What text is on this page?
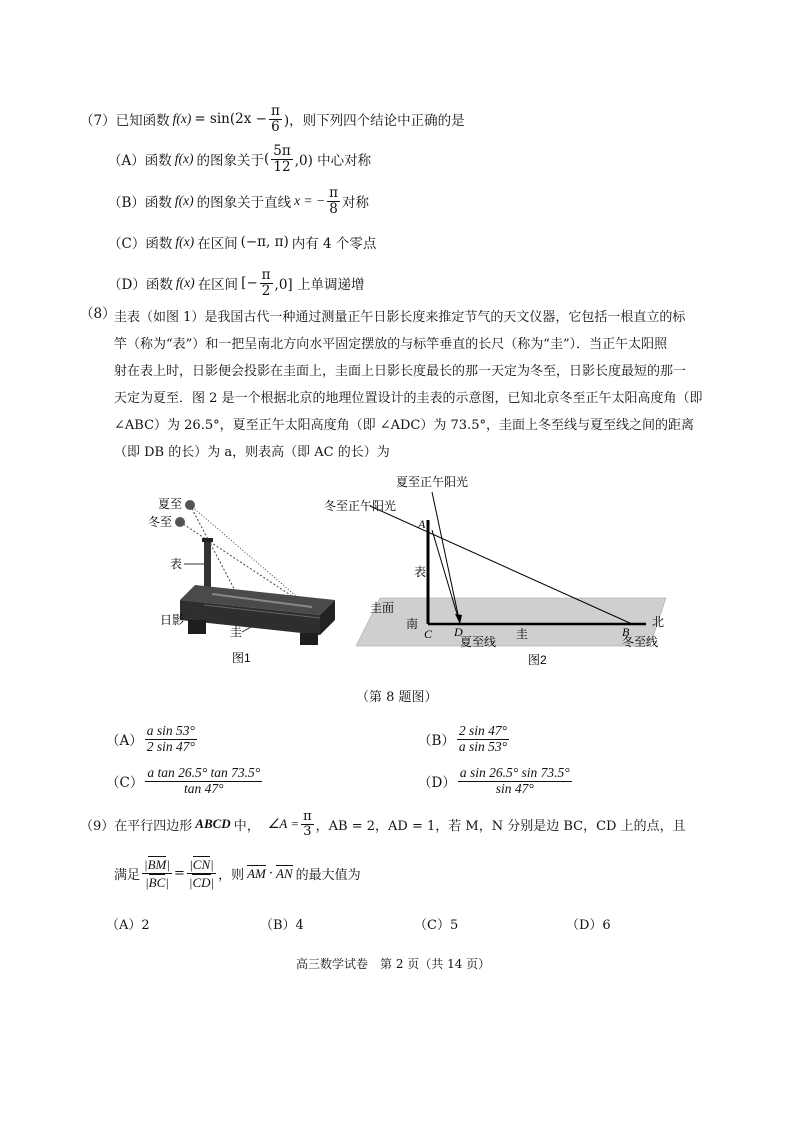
（7） 已知函数 $f(x) = \sin(2x - \frac{\pi}{6}$ )，则下列四个结论中正确的是
（A） 函数 f(x) 的图象关于 ( $\frac{5\pi}{12} ,0$) 中心对称
（B） 函数 f(x) 的图象关于直线 x = − $\frac{\pi}{8}$ 对称
（C） 函数 f(x) 在区间 (−π, π) 内有 4 个零点
（D） 函数 f(x) 在区间 [− $\frac{\pi}{2} ,0$] 上单调递增
（8）
圭表（如图 1）是我国古代一种通过测量正午日影长度来推定节气的天文仪器，它包括一根直立的标
竿（称为“表”）和一把呈南北方向水平固定摆放的与标竿垂直的长尺（称为“圭”）．当正午太阳照
射在表上时，日影便会投影在圭面上，圭面上日影长度最长的那一天定为冬至，日影长度最短的那一
天定为夏至．图 2 是一个根据北京的地理位置设计的圭表的示意图，已知北京冬至正午太阳高度角（即
∠ABC）为 26.5°，夏至正午太阳高度角（即 ∠ADC）为 73.5°，圭面上冬至线与夏至线之间的距离
（即 DB 的长）为 a，则表高（即 AC 的长）为
夏至
冬至
表
日影
圭
图1
夏至正午阳光
冬至正午阳光
A
表
圭面
南
C D
夏至线
圭	B
北
冬至线
图2
（第 8 题图）
$(A) \frac{\text{a sin 53°}}{2 \sin 47^\circ}$	$(B) \frac{2 \sin 47^\circ}{\text{a sin 53°}}$
$(C) \frac{\text{a tan 26.5° tan 73.5°}}{\tan 47^\circ}$	$(D) \frac{\text{a sin 26.5° sin 73.5°}}{\sin 47^\circ}$
（9） 在平行四边形 ABCD 中， ∠A = $\frac{\pi}{3}$ ，AB = 2，AD = 1，若 M，N 分别是边 BC，CD 上的点，且
满足 $\frac{|BM|}{|BC|} = \frac{|CN|}{|CD|}$ ，则 AM · AN 的最大值为
（A）2	（B）4	（C）5	（D）6
高三数学试卷　第 2 页（共 14 页）
